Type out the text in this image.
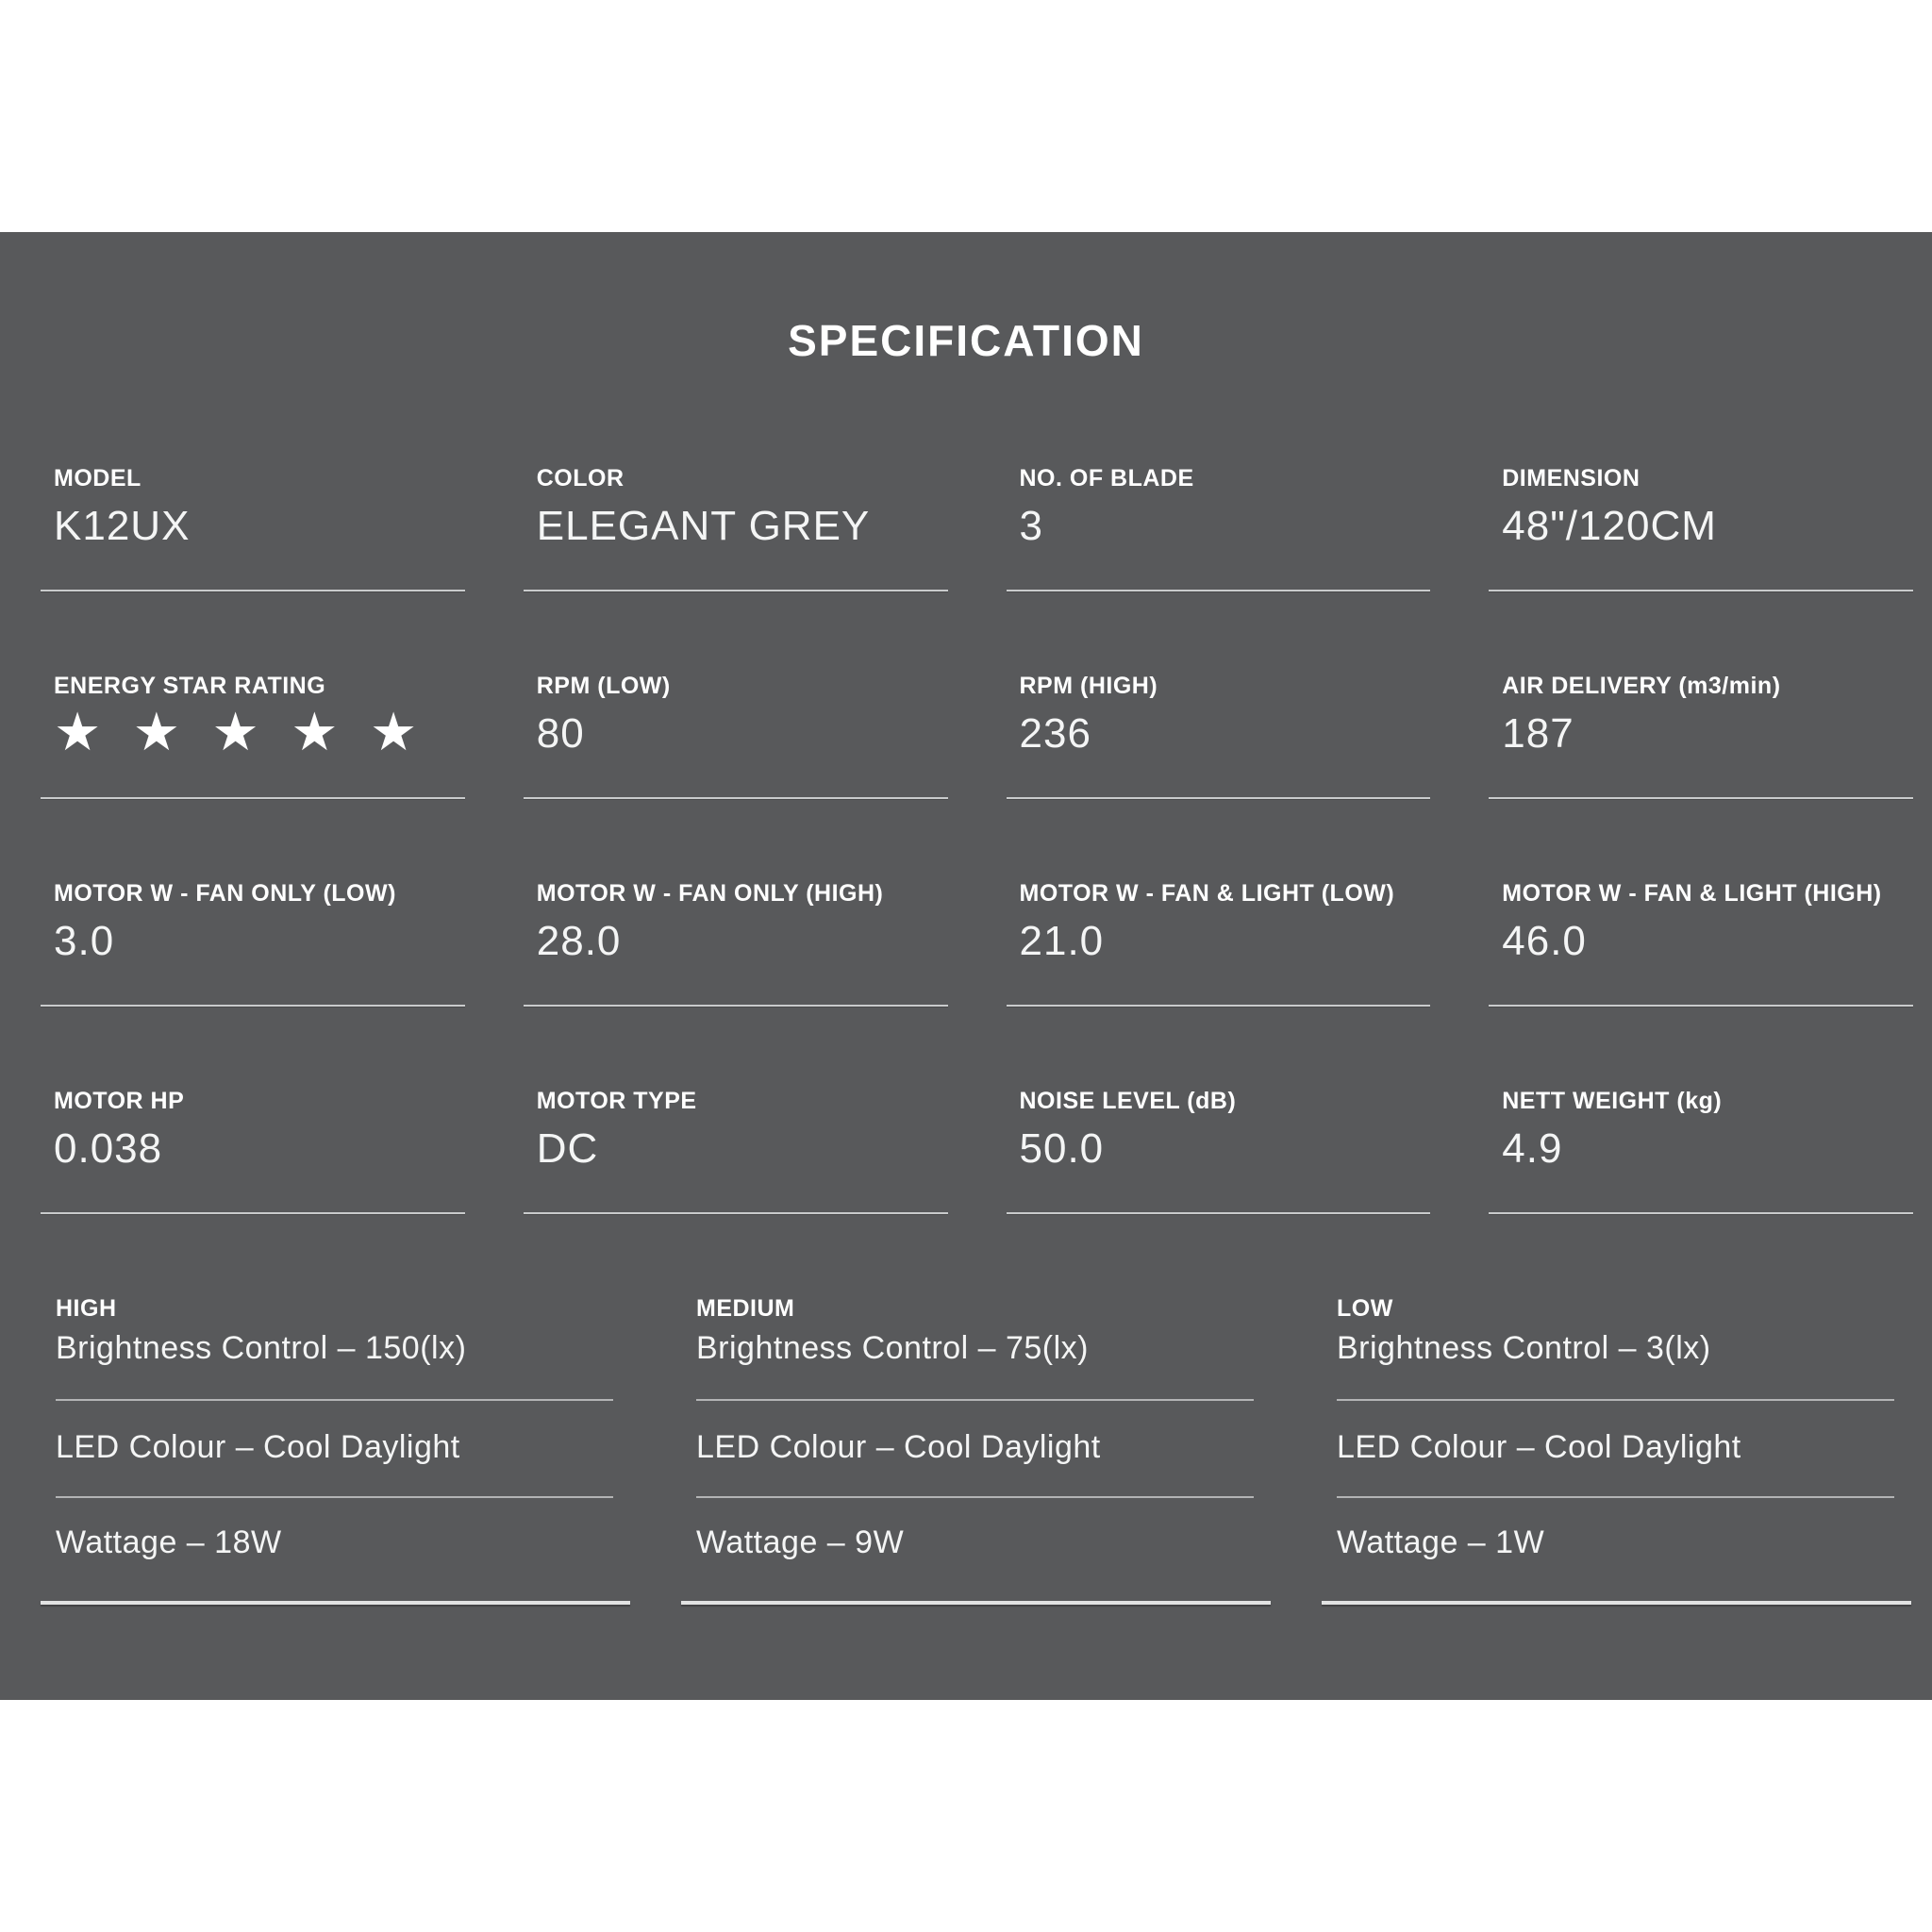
SPECIFICATION
MODEL
K12UX
COLOR
ELEGANT GREY
NO. OF BLADE
3
DIMENSION
48"/120CM
ENERGY STAR RATING
★ ★ ★ ★ ★
RPM (LOW)
80
RPM (HIGH)
236
AIR DELIVERY (m3/min)
187
MOTOR W - FAN ONLY (LOW)
3.0
MOTOR W - FAN ONLY (HIGH)
28.0
MOTOR W - FAN & LIGHT (LOW)
21.0
MOTOR W - FAN & LIGHT (HIGH)
46.0
MOTOR HP
0.038
MOTOR TYPE
DC
NOISE LEVEL (dB)
50.0
NETT WEIGHT (kg)
4.9
HIGH
Brightness Control – 150(lx)
LED Colour – Cool Daylight
Wattage – 18W
MEDIUM
Brightness Control – 75(lx)
LED Colour – Cool Daylight
Wattage – 9W
LOW
Brightness Control – 3(lx)
LED Colour – Cool Daylight
Wattage – 1W
